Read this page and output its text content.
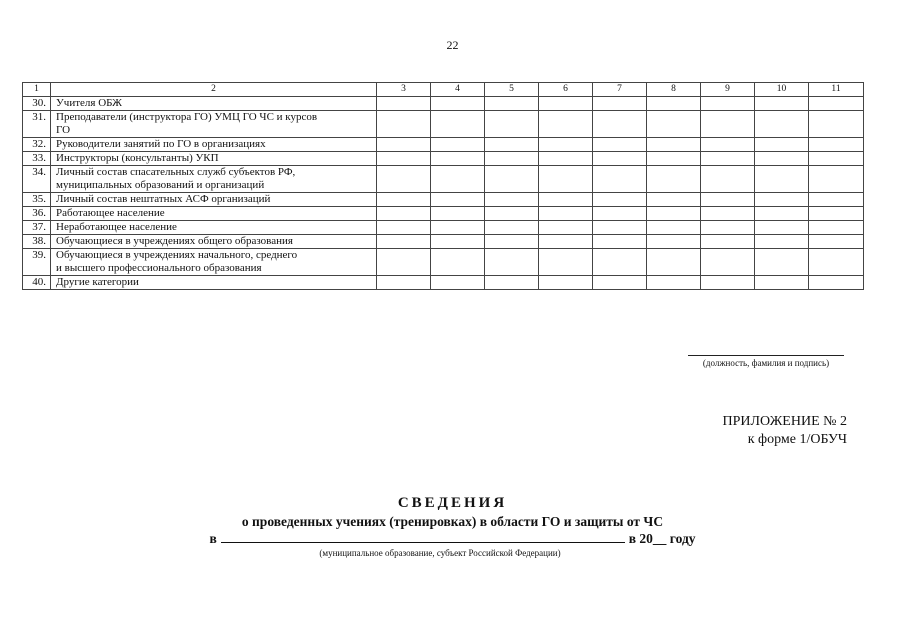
22
1	2	3	4	5	6	7	8	9	10	11
30.	Учителя ОБЖ									

31.	Преподаватели (инструктора ГО) УМЦ ГО ЧС и курсов
ГО									

32.	Руководители занятий по ГО в организациях									

33.	Инструкторы (консультанты) УКП									

34.	Личный состав спасательных служб субъектов РФ,
муниципальных образований и организаций									

35.	Личный состав нештатных АСФ организаций									

36.	Работающее население									

37.	Неработающее население									

38.	Обучающиеся в учреждениях общего образования									

39.	Обучающиеся в учреждениях начального, среднего
и высшего профессионального образования									

40.	Другие категории									

(должность, фамилия и подпись)
ПРИЛОЖЕНИЕ № 2
к форме 1/ОБУЧ
СВЕДЕНИЯ
о проведенных учениях (тренировках) в области ГО и защиты от ЧС
в	в 20__ году
(муниципальное образование, субъект Российской Федерации)
